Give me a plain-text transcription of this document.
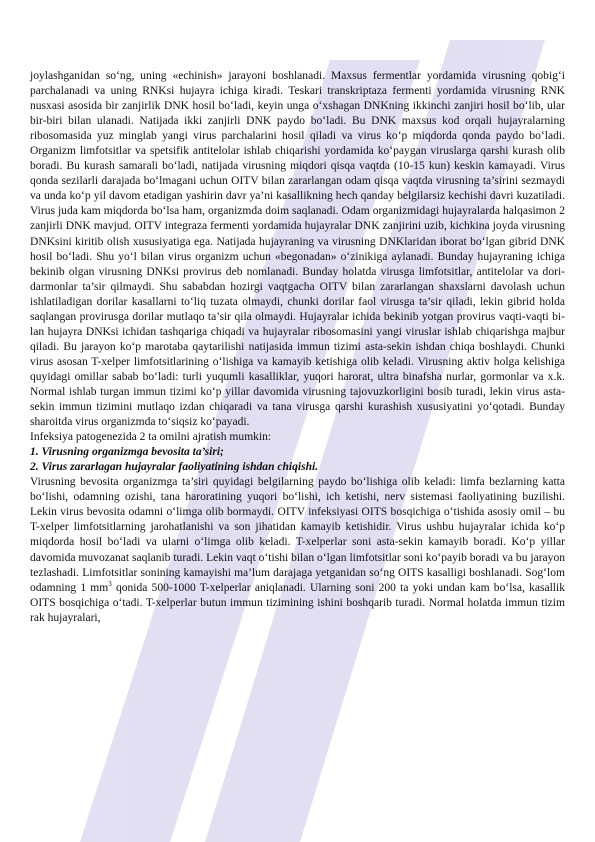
joylashganidan so‘ng, uning «echinish» jarayoni boshlanadi. Maxsus fermentlar yordamida virusning qobig‘i parchalanadi va uning RNKsi hujayra ichiga kiradi. Teskari transkriptaza fermenti yordamida virusning RNK nusxasi asosida bir zanjirlik DNK hosil bo‘ladi, keyin unga o‘xshagan DNKning ikkinchi zanjiri hosil bo‘lib, ular bir-biri bilan ulanadi. Natijada ikki zanjirli DNK paydo bo‘ladi. Bu DNK maxsus kod orqali hujayralarning ribosomasida yuz minglab yangi virus parchalarini hosil qiladi va virus ko‘p miqdorda qonda paydo bo‘ladi. Organizm limfotsitlar va spetsifik antitelolar ishlab chiqarishi yordamida ko‘paygan viruslarga qarshi kurash olib boradi. Bu kurash samarali bo‘ladi, natijada virusning miqdori qisqa vaqtda (10-15 kun) keskin kamayadi. Virus qonda sezilarli darajada bo‘lmagani uchun OITV bilan zararlangan odam qisqa vaqtda virusning ta’sirini sezmaydi va unda ko‘p yil davom etadigan yashirin davr ya’ni kasallikning hech qanday belgilarsiz kechishi davri kuzatiladi. Virus juda kam miqdorda bo‘lsa ham, organizmda doim saqlanadi. Odam organizmidagi hujayralarda halqasimon 2 zanjirli DNK mavjud. OITV integraza fermenti yordamida hujayralar DNK zanjirini uzib, kichkina joyda virusning DNKsini kiritib olish xususiyatiga ega. Natijada hujayraning va virusning DNKlaridan iborat bo‘lgan gibrid DNK hosil bo‘ladi. Shu yo‘l bilan virus organizm uchun «begonadan» o‘zinikiga aylanadi. Bunday hujayraning ichiga bekinib olgan virusning DNKsi provirus deb nomlanadi. Bunday holatda virusga limfotsitlar, antitelolar va dori-darmonlar ta’sir qilmaydi. Shu sababdan hozirgi vaqtgacha OITV bilan zararlangan shaxslarni davolash uchun ishlatiladigan dorilar kasallarni to‘liq tuzata olmaydi, chunki dorilar faol virusga ta’sir qiladi, lekin gibrid holda saqlangan provirusga dorilar mutlaqo ta’sir qila olmaydi. Hujayralar ichida bekinib yotgan provirus vaqti-vaqti bi- lan hujayra DNKsi ichidan tashqariga chiqadi va hujayralar ribosomasini yangi viruslar ishlab chiqarishga majbur qiladi. Bu jarayon ko‘p marotaba qaytarilishi natijasida immun tizimi asta-sekin ishdan chiqa boshlaydi. Chunki virus asosan T-xelper limfotsitlarining o‘lishiga va kamayib ketishiga olib keladi. Virusning aktiv holga kelishiga quyidagi omillar sabab bo‘ladi: turli yuqumli kasalliklar, yuqori harorat, ultra binafsha nurlar, gormonlar va x.k. Normal ishlab turgan immun tizimi ko‘p yillar davomida virusning tajovuzkorligini bosib turadi, lekin virus asta-sekin immun tizimini mutlaqo izdan chiqaradi va tana virusga qarshi kurashish xususiyatini yo‘qotadi. Bunday sharoitda virus organizmda to‘siqsiz ko‘payadi.

Infeksiya patogenezida 2 ta omilni ajratish mumkin:

1. Virusning organizmga bevosita ta’siri;

2. Virus zararlagan hujayralar faoliyatining ishdan chiqishi.

Virusning bevosita organizmga ta’siri quyidagi belgilarning paydo bo‘lishiga olib keladi: limfa bezlarning katta bo‘lishi, odamning ozishi, tana haroratining yuqori bo‘lishi, ich ketishi, nerv sistemasi faoliyatining buzilishi. Lekin virus bevosita odamni o‘limga olib bormaydi. OITV infeksiyasi OITS bosqichiga o‘tishida asosiy omil – bu T-xelper limfotsitlarning jarohatlanishi va son jihatidan kamayib ketishidir. Virus ushbu hujayralar ichida ko‘p miqdorda hosil bo‘ladi va ularni o‘limga olib keladi. T-xelperlar soni asta-sekin kamayib boradi. Ko‘p yillar davomida muvozanat saqlanib turadi. Lekin vaqt o‘tishi bilan o‘lgan limfotsitlar soni ko‘payib boradi va bu jarayon tezlashadi. Limfotsitlar sonining kamayishi ma’lum darajaga yetganidan so‘ng OITS kasalligi boshlanadi. Sog‘lom odamning 1 $mm^3$ qonida 500-1000 T-xelperlar aniqlanadi. Ularning soni 200 ta yoki undan kam bo‘lsa, kasallik OITS bosqichiga o‘tadi. T-xelperlar butun immun tizimining ishini boshqarib turadi. Normal holatda immun tizim rak hujayralari,
